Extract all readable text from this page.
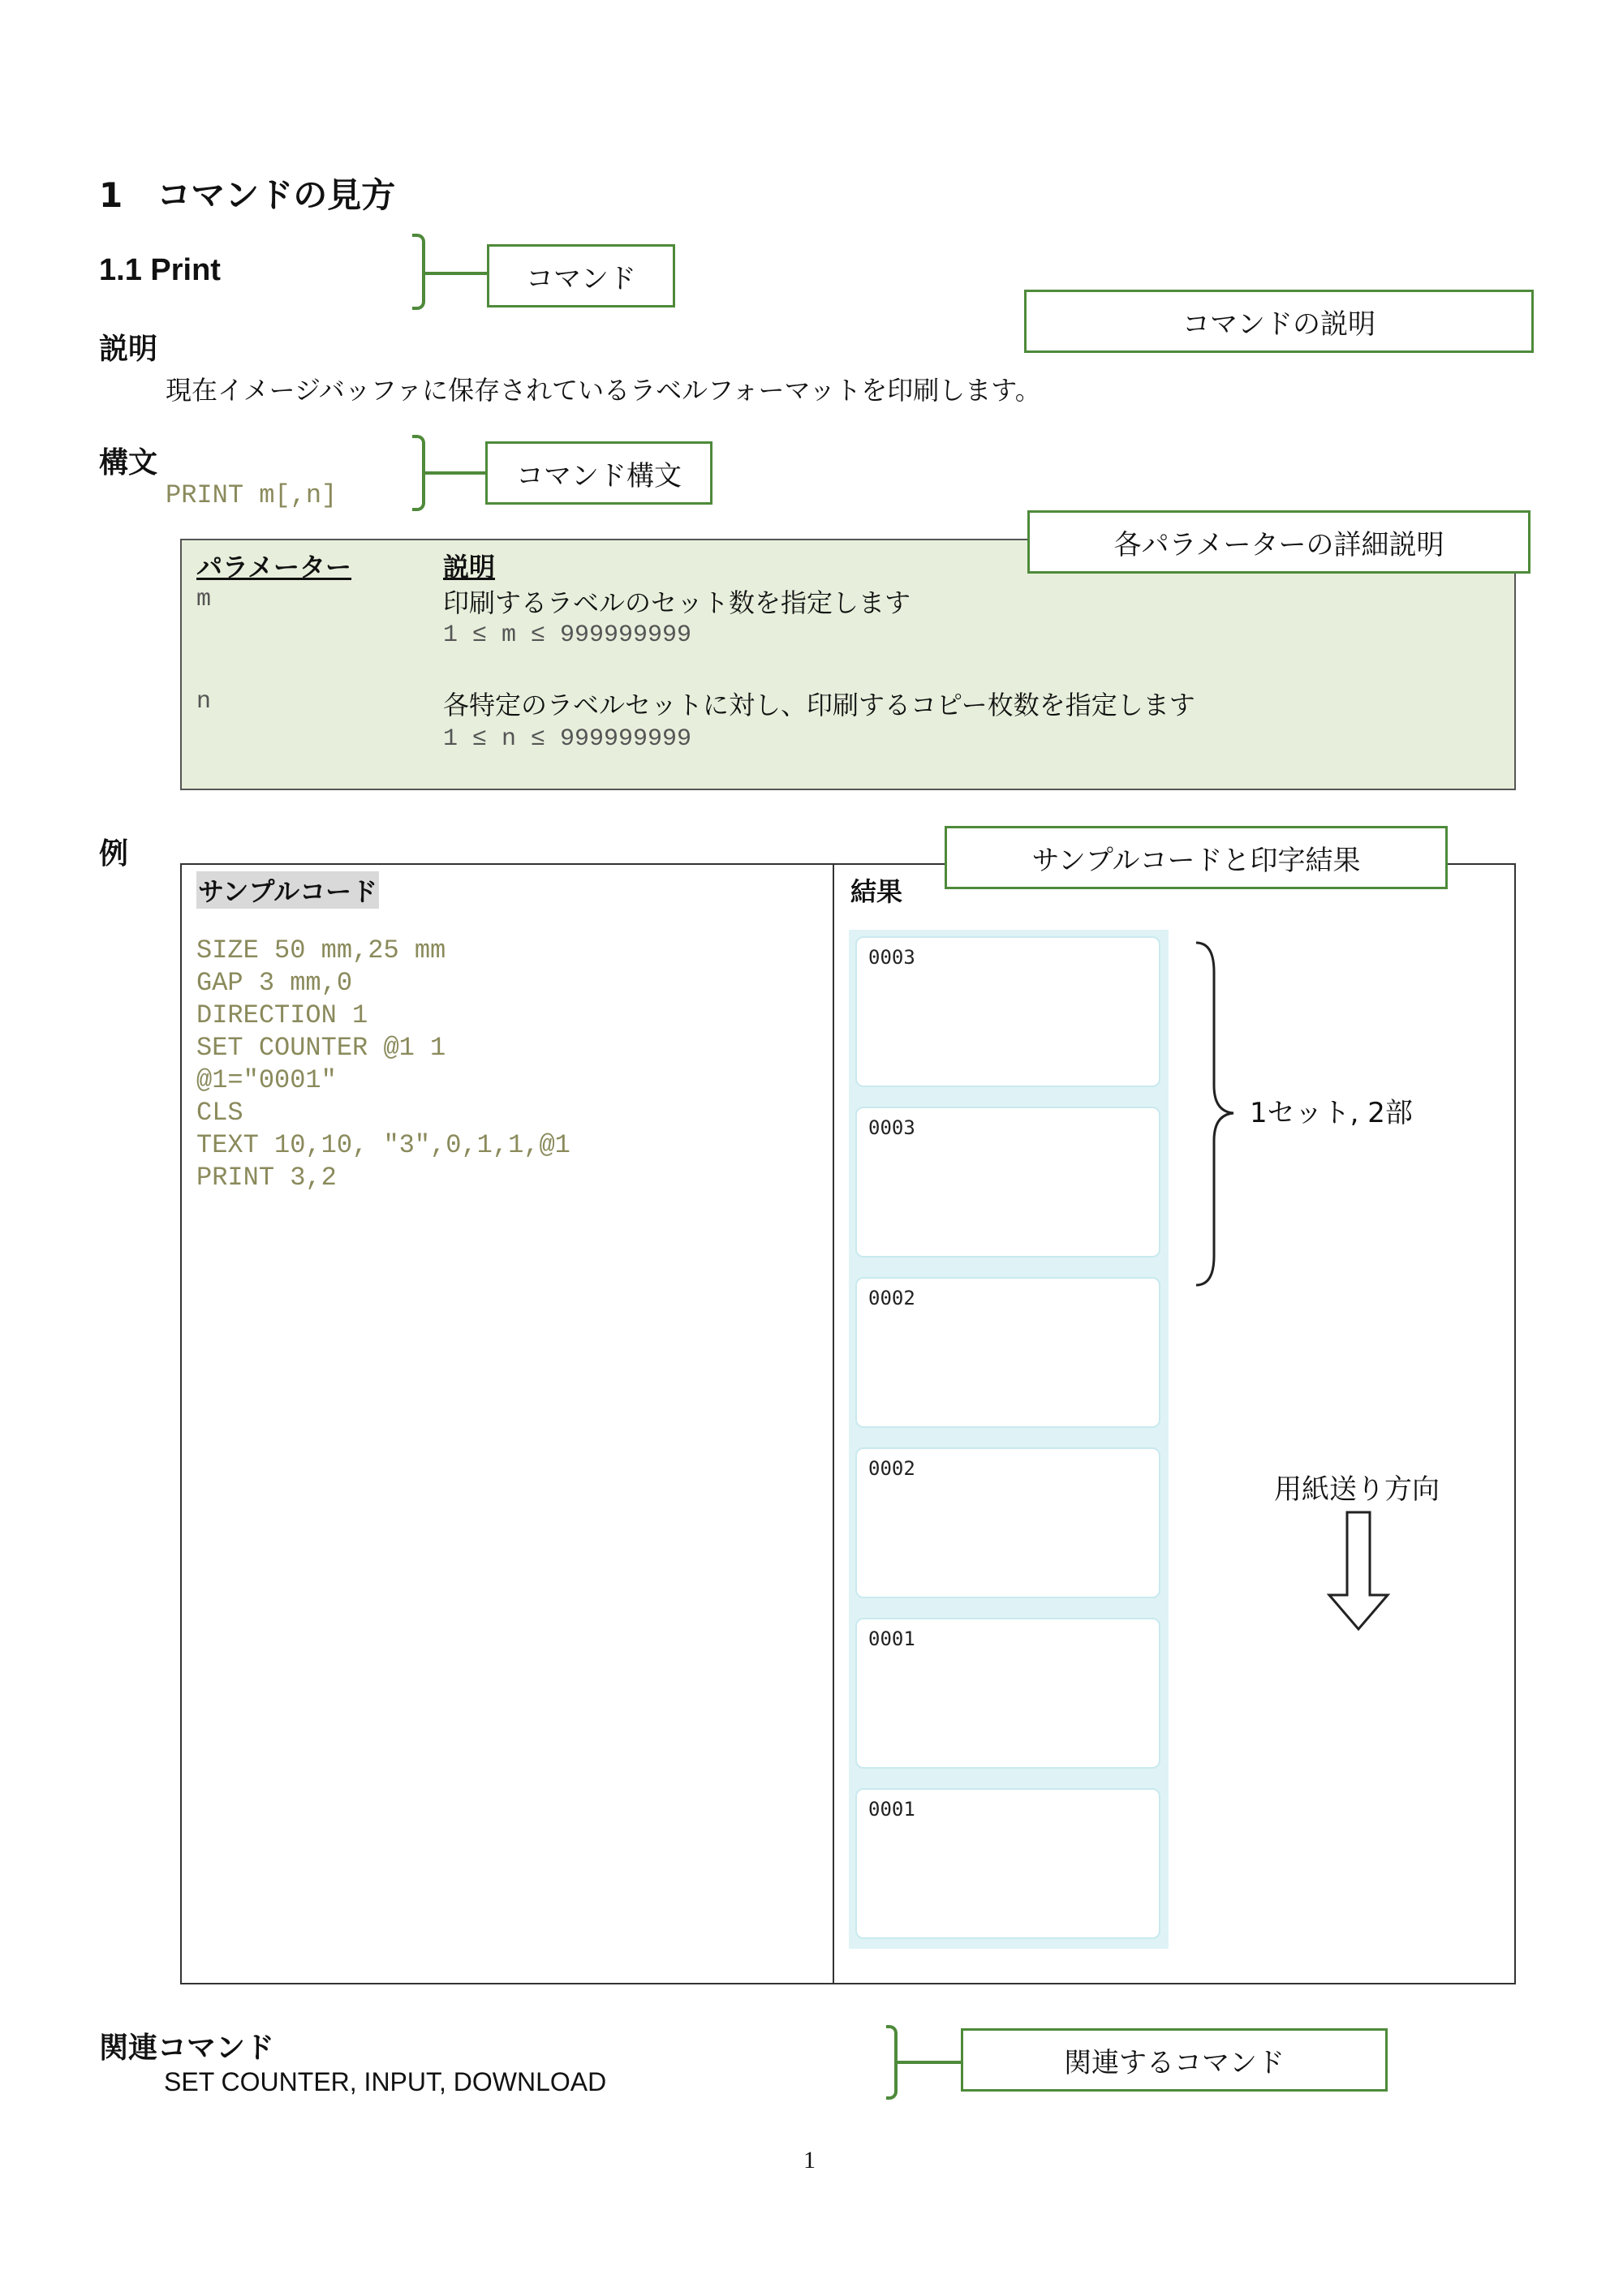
1　コマンドの見方
1.1 Print	コマンド
コマンドの説明
説明
現在イメージバッファに保存されているラベルフォーマットを印刷します。
構文
PRINT m[,n]
コマンド構文
パラメーター	説明
各パラメーターの詳細説明
m	印刷するラベルのセット数を指定します
1 ≤ m ≤ 999999999
n	各特定のラベルセットに対し、印刷するコピー枚数を指定します
1 ≤ n ≤ 999999999
例	サンプルコードと印字結果
サンプルコード	結果
SIZE 50 mm,25 mm
GAP 3 mm,0
DIRECTION 1
SET COUNTER @1 1
@1="0001"
CLS
TEXT 10,10, "3",0,1,1,@1
PRINT 3,2
0003
0003
0002
0002
0001
0001
1セット, 2部
用紙送り方向
関連コマンド
SET COUNTER, INPUT, DOWNLOAD
関連するコマンド
1
